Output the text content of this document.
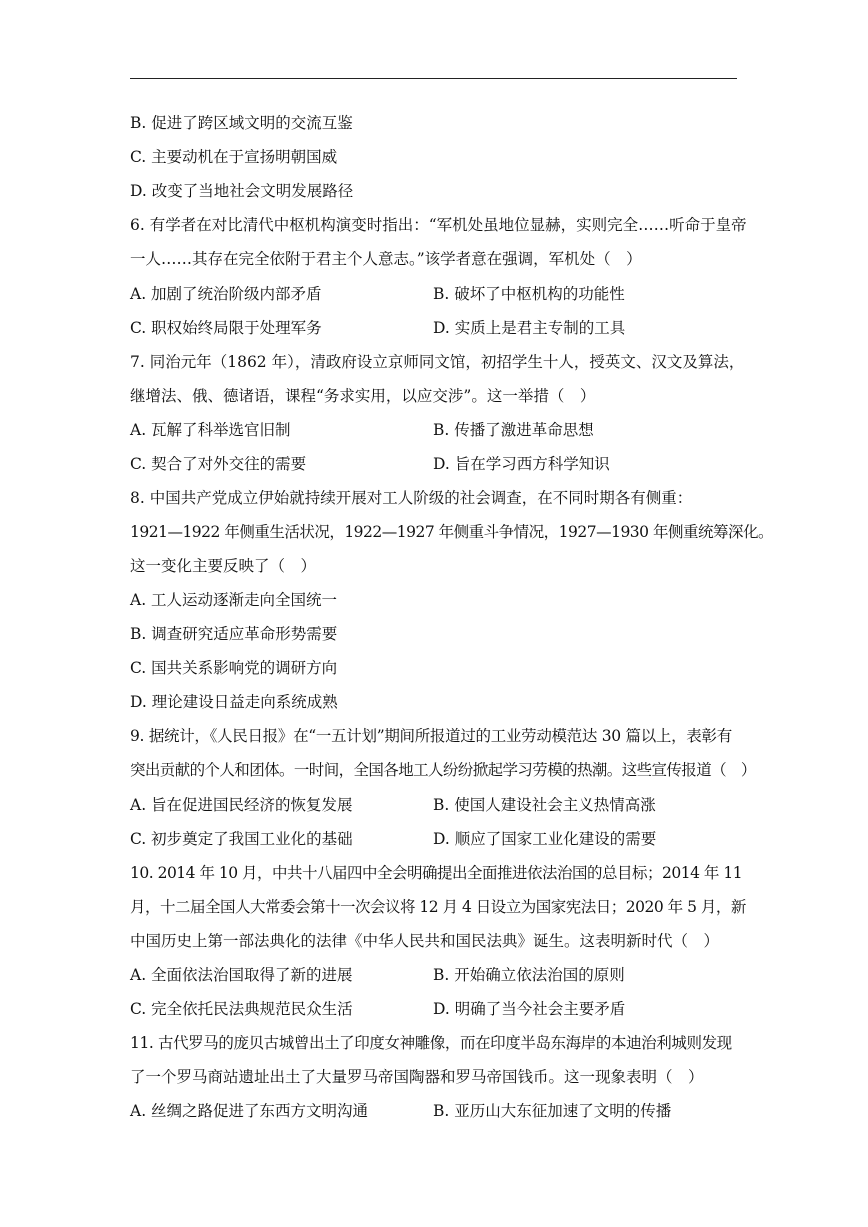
B. 促进了跨区域文明的交流互鉴
C. 主要动机在于宣扬明朝国威
D. 改变了当地社会文明发展路径
6. 有学者在对比清代中枢机构演变时指出：“军机处虽地位显赫，实则完全……听命于皇帝
一人……其存在完全依附于君主个人意志。”该学者意在强调，军机处（　）
A. 加剧了统治阶级内部矛盾	B. 破坏了中枢机构的功能性
C. 职权始终局限于处理军务	D. 实质上是君主专制的工具
7. 同治元年（1862 年），清政府设立京师同文馆，初招学生十人，授英文、汉文及算法，
继增法、俄、德诸语，课程“务求实用，以应交涉”。这一举措（　）
A. 瓦解了科举选官旧制	B. 传播了激进革命思想
C. 契合了对外交往的需要	D. 旨在学习西方科学知识
8. 中国共产党成立伊始就持续开展对工人阶级的社会调查，在不同时期各有侧重：
1921—1922 年侧重生活状况，1922—1927 年侧重斗争情况，1927—1930 年侧重统筹深化。
这一变化主要反映了（　）
A. 工人运动逐渐走向全国统一
B. 调查研究适应革命形势需要
C. 国共关系影响党的调研方向
D. 理论建设日益走向系统成熟
9. 据统计，《人民日报》在“一五计划”期间所报道过的工业劳动模范达 30 篇以上，表彰有
突出贡献的个人和团体。一时间，全国各地工人纷纷掀起学习劳模的热潮。这些宣传报道（　）
A. 旨在促进国民经济的恢复发展	B. 使国人建设社会主义热情高涨
C. 初步奠定了我国工业化的基础	D. 顺应了国家工业化建设的需要
10. 2014 年 10 月，中共十八届四中全会明确提出全面推进依法治国的总目标；2014 年 11
月，十二届全国人大常委会第十一次会议将 12 月 4 日设立为国家宪法日；2020 年 5 月，新
中国历史上第一部法典化的法律《中华人民共和国民法典》诞生。这表明新时代（　）
A. 全面依法治国取得了新的进展	B. 开始确立依法治国的原则
C. 完全依托民法典规范民众生活	D. 明确了当今社会主要矛盾
11. 古代罗马的庞贝古城曾出土了印度女神雕像，而在印度半岛东海岸的本迪治利城则发现
了一个罗马商站遗址出土了大量罗马帝国陶器和罗马帝国钱币。这一现象表明（　）
A. 丝绸之路促进了东西方文明沟通	B. 亚历山大东征加速了文明的传播
